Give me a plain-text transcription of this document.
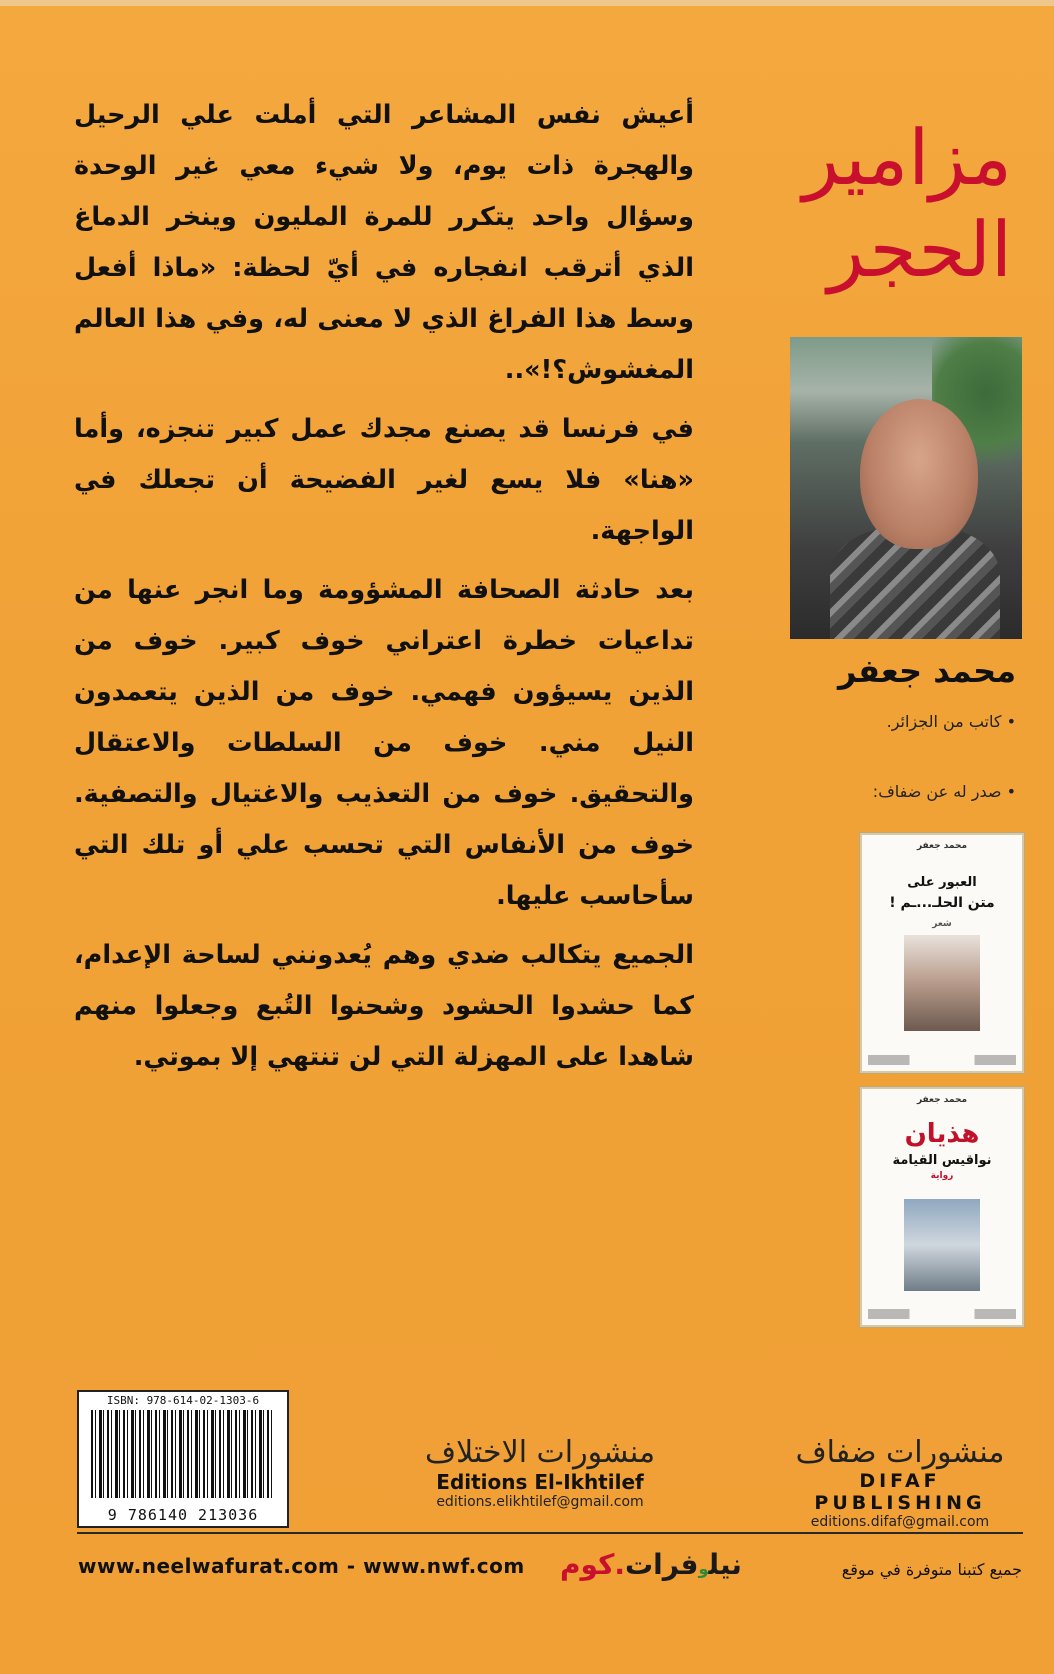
مزامير
الحجر

أعيش نفس المشاعر التي أملت علي الرحيل والهجرة ذات يوم، ولا شيء معي غير الوحدة وسؤال واحد يتكرر للمرة المليون وينخر الدماغ الذي أترقب انفجاره في أيّ لحظة: «ماذا أفعل وسط هذا الفراغ الذي لا معنى له، وفي هذا العالم المغشوش؟!»..

في فرنسا قد يصنع مجدك عمل كبير تنجزه، وأما «هنا» فلا يسع لغير الفضيحة أن تجعلك في الواجهة.

بعد حادثة الصحافة المشؤومة وما انجر عنها من تداعيات خطرة اعتراني خوف كبير. خوف من الذين يسيؤون فهمي. خوف من الذين يتعمدون النيل مني. خوف من السلطات والاعتقال والتحقيق. خوف من التعذيب والاغتيال والتصفية. خوف من الأنفاس التي تحسب علي أو تلك التي سأحاسب عليها.

الجميع يتكالب ضدي وهم يُعدونني لساحة الإعدام، كما حشدوا الحشود وشحنوا التُبع وجعلوا منهم شاهدا على المهزلة التي لن تنتهي إلا بموتي.

محمد جعفر
• كاتب من الجزائر.
• صدر له عن ضفاف:
محمد جعفر
العبور على
متن الحلـ...ـم !
شعر
محمد جعفر
هذيان
نواقيس القيامة
رواية
ISBN: 978-614-02-1303-6
9 786140 213036
منشورات الاختلاف
Editions El-Ikhtilef
editions.elikhtilef@gmail.com
منشورات ضفاف
DIFAF PUBLISHING
editions.difaf@gmail.com
www.neelwafurat.com - www.nwf.com	نيلوفرات.كوم	جميع كتبنا متوفرة في موقع
